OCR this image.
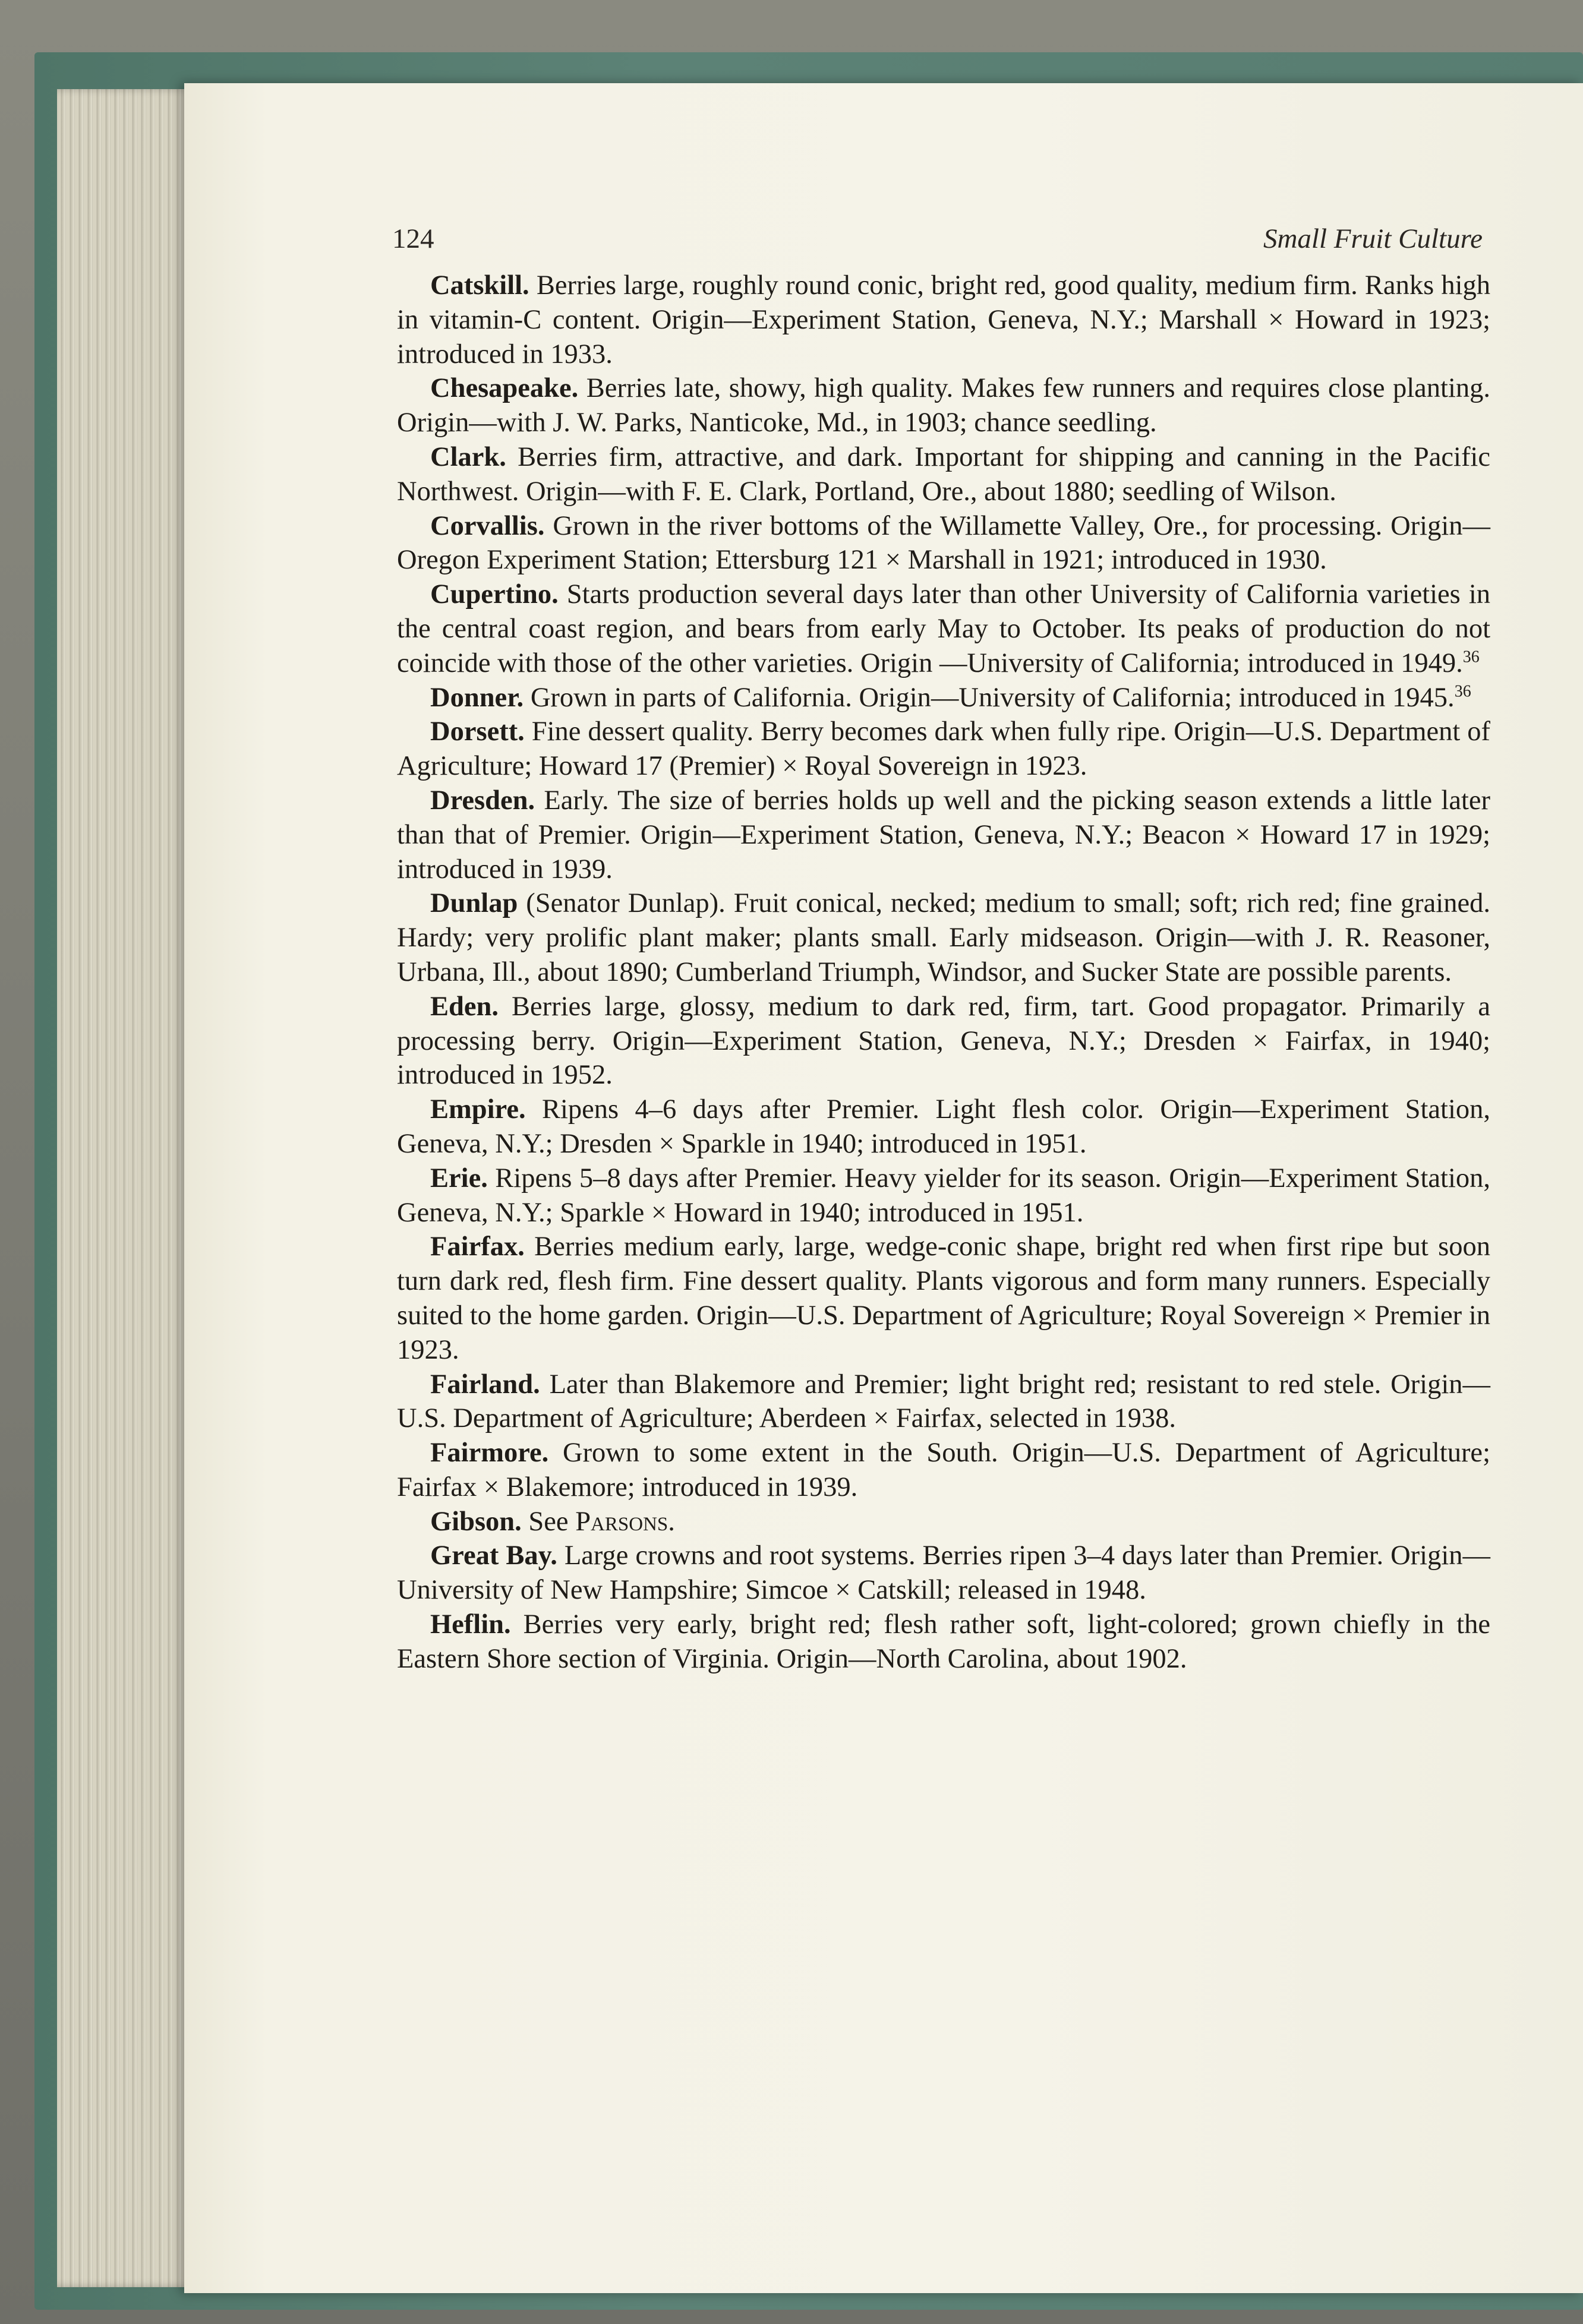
124	Small Fruit Culture

Catskill. Berries large, roughly round conic, bright red, good quality, medium firm. Ranks high in vitamin-C content. Origin—Experiment Station, Geneva, N.Y.; Marshall × Howard in 1923; introduced in 1933.

Chesapeake. Berries late, showy, high quality. Makes few runners and requires close planting. Origin—with J. W. Parks, Nanticoke, Md., in 1903; chance seedling.

Clark. Berries firm, attractive, and dark. Important for shipping and canning in the Pacific Northwest. Origin—with F. E. Clark, Portland, Ore., about 1880; seedling of Wilson.

Corvallis. Grown in the river bottoms of the Willamette Valley, Ore., for processing. Origin—Oregon Experiment Station; Ettersburg 121 × Marshall in 1921; introduced in 1930.

Cupertino. Starts production several days later than other University of California varieties in the central coast region, and bears from early May to October. Its peaks of production do not coincide with those of the other varieties. Origin —University of California; introduced in 1949.36

Donner. Grown in parts of California. Origin—University of California; introduced in 1945.36

Dorsett. Fine dessert quality. Berry becomes dark when fully ripe. Origin—U.S. Department of Agriculture; Howard 17 (Premier) × Royal Sovereign in 1923.

Dresden. Early. The size of berries holds up well and the picking season extends a little later than that of Premier. Origin—Experiment Station, Geneva, N.Y.; Beacon × Howard 17 in 1929; introduced in 1939.

Dunlap (Senator Dunlap). Fruit conical, necked; medium to small; soft; rich red; fine grained. Hardy; very prolific plant maker; plants small. Early midseason. Origin—with J. R. Reasoner, Urbana, Ill., about 1890; Cumberland Triumph, Windsor, and Sucker State are possible parents.

Eden. Berries large, glossy, medium to dark red, firm, tart. Good propagator. Primarily a processing berry. Origin—Experiment Station, Geneva, N.Y.; Dresden × Fairfax, in 1940; introduced in 1952.

Empire. Ripens 4–6 days after Premier. Light flesh color. Origin—Experiment Station, Geneva, N.Y.; Dresden × Sparkle in 1940; introduced in 1951.

Erie. Ripens 5–8 days after Premier. Heavy yielder for its season. Origin—Experiment Station, Geneva, N.Y.; Sparkle × Howard in 1940; introduced in 1951.

Fairfax. Berries medium early, large, wedge-conic shape, bright red when first ripe but soon turn dark red, flesh firm. Fine dessert quality. Plants vigorous and form many runners. Especially suited to the home garden. Origin—U.S. Department of Agriculture; Royal Sovereign × Premier in 1923.

Fairland. Later than Blakemore and Premier; light bright red; resistant to red stele. Origin—U.S. Department of Agriculture; Aberdeen × Fairfax, selected in 1938.

Fairmore. Grown to some extent in the South. Origin—U.S. Department of Agriculture; Fairfax × Blakemore; introduced in 1939.

Gibson. See Parsons.

Great Bay. Large crowns and root systems. Berries ripen 3–4 days later than Premier. Origin—University of New Hampshire; Simcoe × Catskill; released in 1948.

Heflin. Berries very early, bright red; flesh rather soft, light-colored; grown chiefly in the Eastern Shore section of Virginia. Origin—North Carolina, about 1902.
